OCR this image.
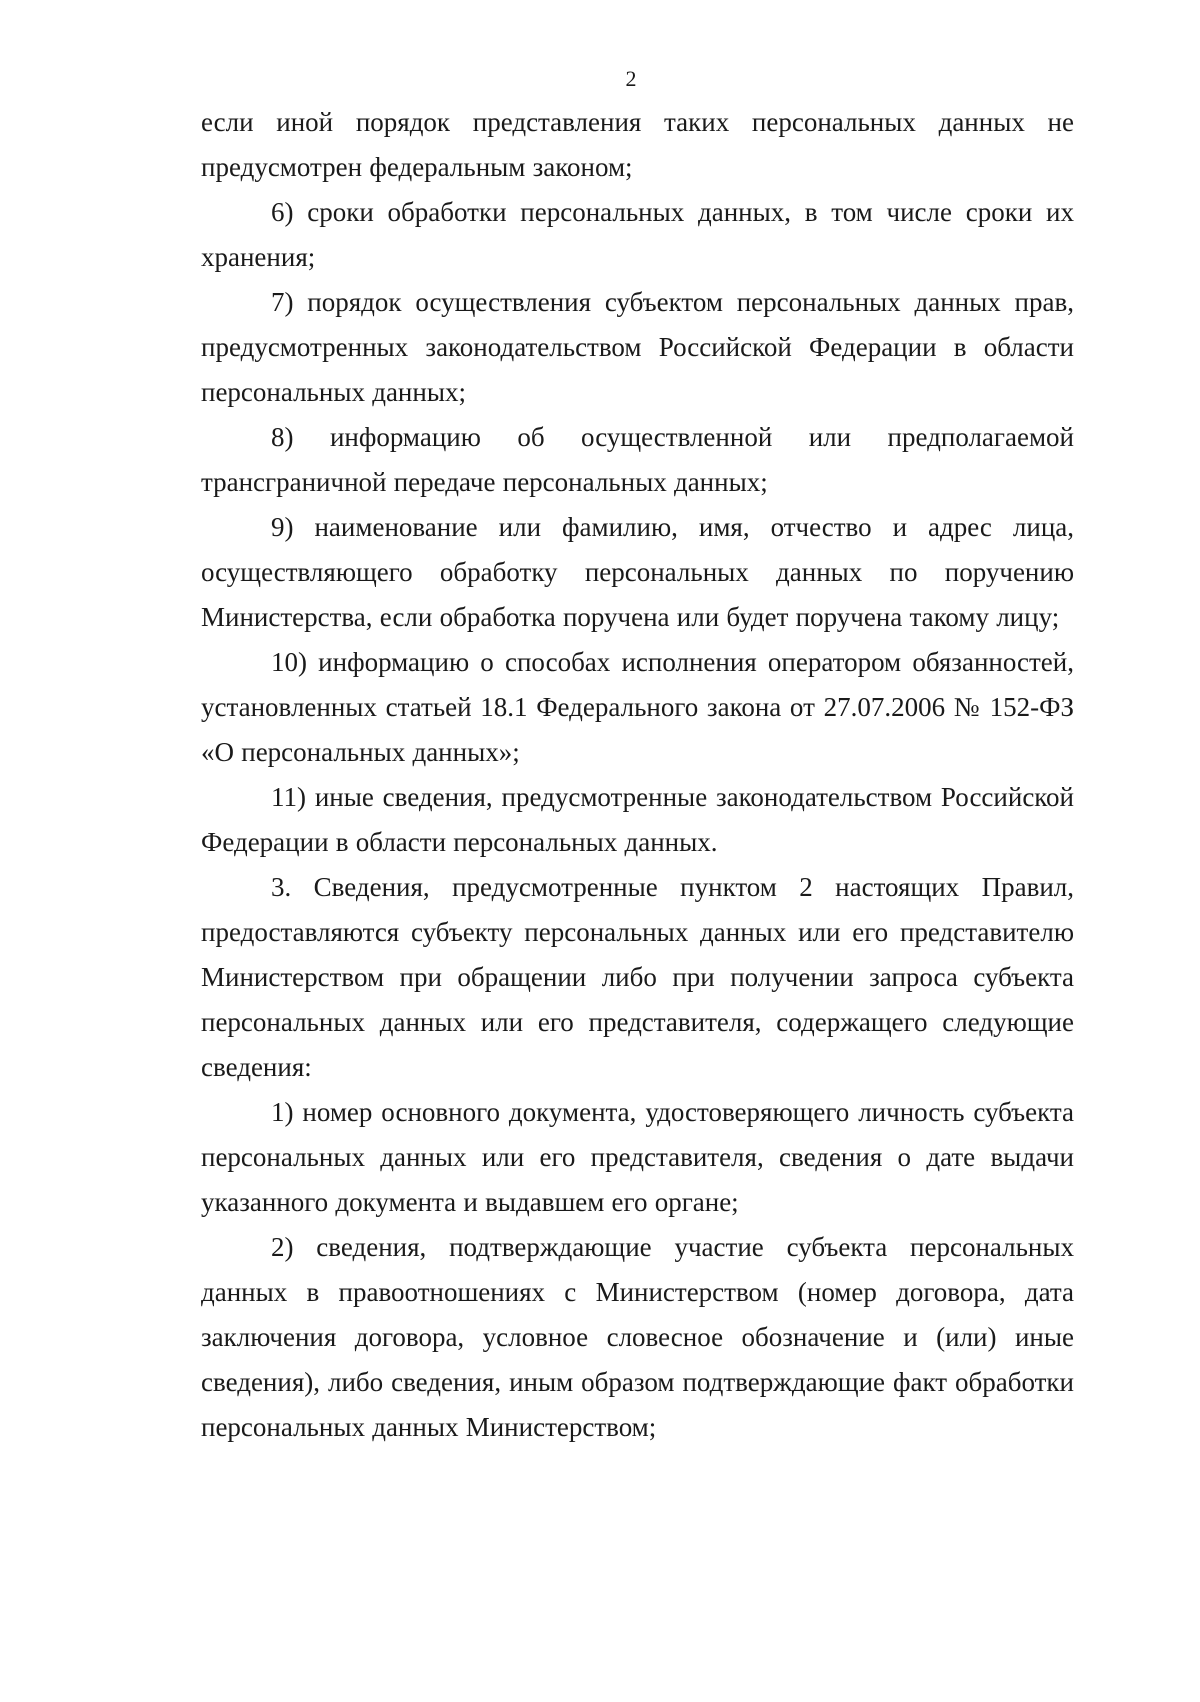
2

если иной порядок представления таких персональных данных не предусмотрен федеральным законом;

6) сроки обработки персональных данных, в том числе сроки их хранения;

7) порядок осуществления субъектом персональных данных прав, предусмотренных законодательством Российской Федерации в области персональных данных;

8) информацию об осуществленной или предполагаемой трансграничной передаче персональных данных;

9) наименование или фамилию, имя, отчество и адрес лица, осуществляющего обработку персональных данных по поручению Министерства, если обработка поручена или будет поручена такому лицу;

10) информацию о способах исполнения оператором обязанностей, установленных статьей 18.1 Федерального закона от 27.07.2006 № 152-ФЗ «О персональных данных»;

11) иные сведения, предусмотренные законодательством Российской Федерации в области персональных данных.

3. Сведения, предусмотренные пунктом 2 настоящих Правил, предоставляются субъекту персональных данных или его представителю Министерством при обращении либо при получении запроса субъекта персональных данных или его представителя, содержащего следующие сведения:

1) номер основного документа, удостоверяющего личность субъекта персональных данных или его представителя, сведения о дате выдачи указанного документа и выдавшем его органе;

2) сведения, подтверждающие участие субъекта персональных данных в правоотношениях с Министерством (номер договора, дата заключения договора, условное словесное обозначение и (или) иные сведения), либо сведения, иным образом подтверждающие факт обработки персональных данных Министерством;
